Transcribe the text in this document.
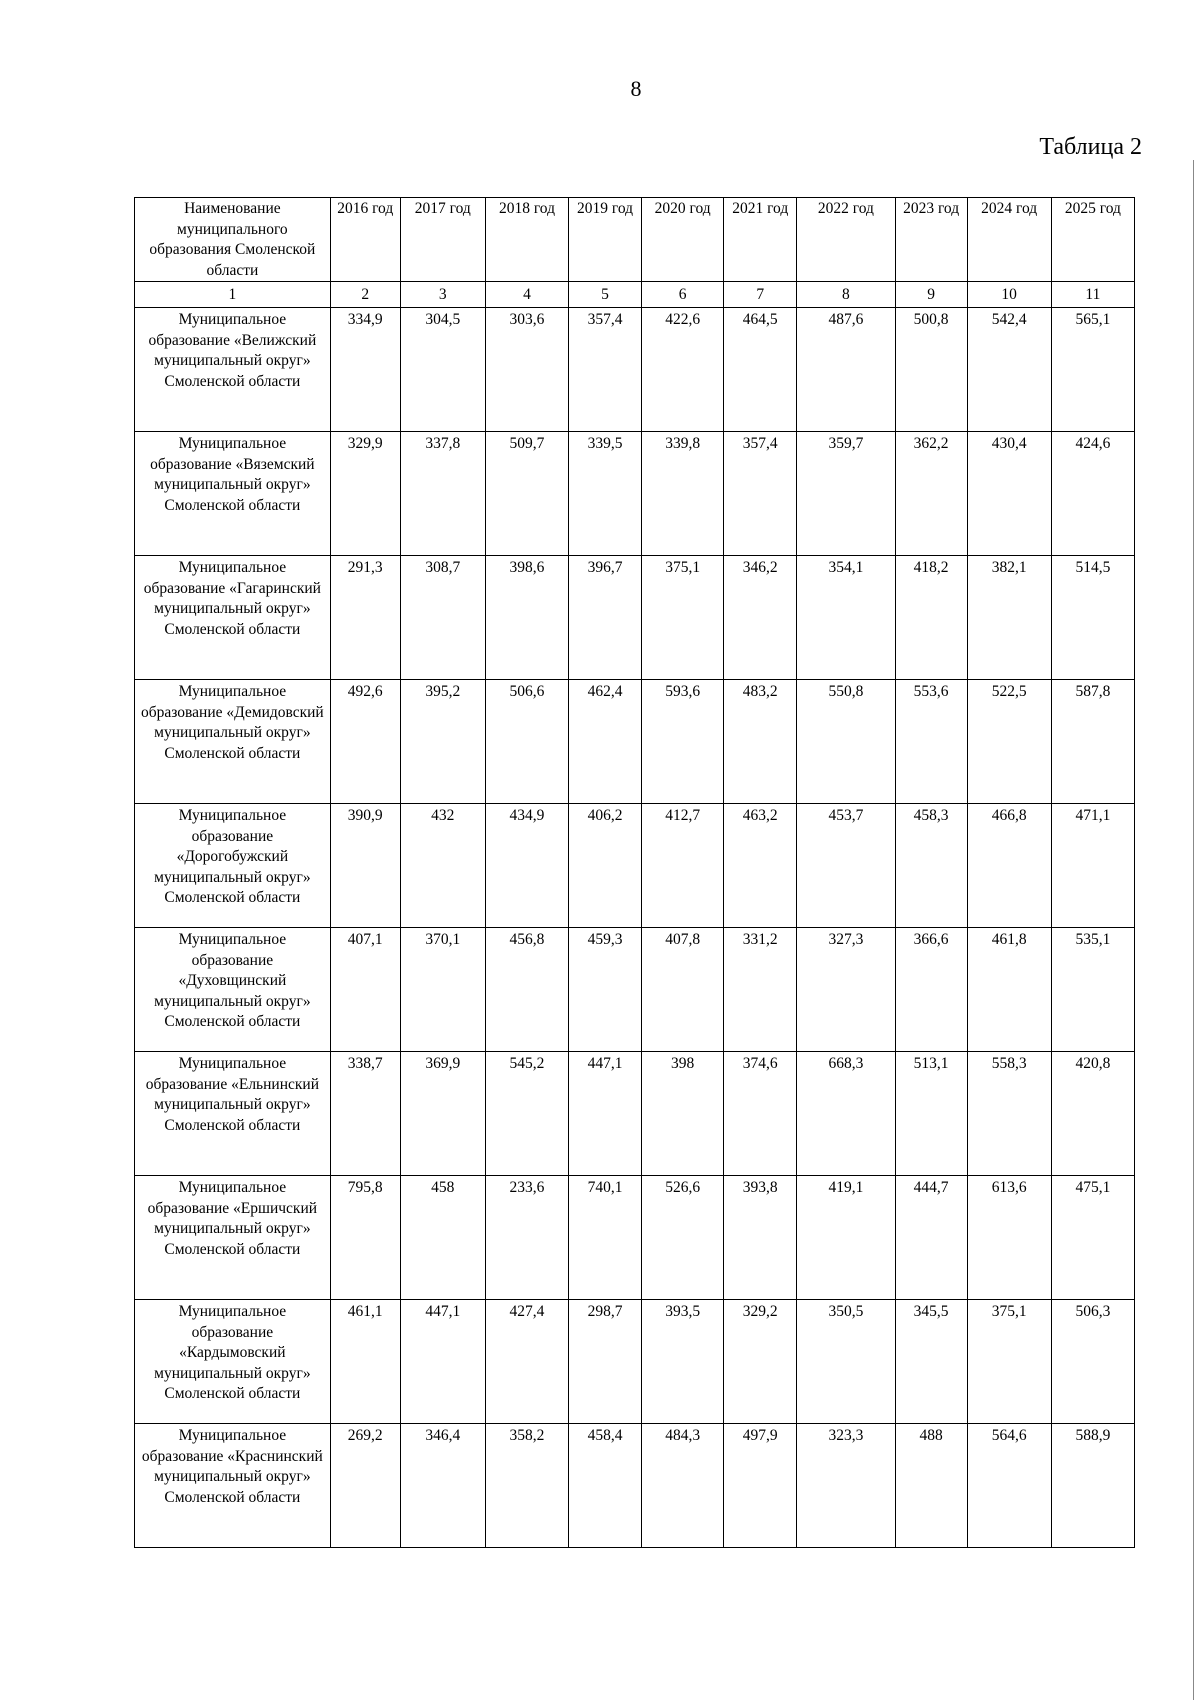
8
Таблица 2
Наименование муниципального образования Смоленской области	2016 год	2017 год	2018 год	2019 год	2020 год	2021 год	2022 год	2023 год	2024 год	2025 год
1	2	3	4	5	6	7	8	9	10	11
Муниципальное образование «Велижский муниципальный округ» Смоленской области	334,9	304,5	303,6	357,4	422,6	464,5	487,6	500,8	542,4	565,1
Муниципальное образование «Вяземский муниципальный округ» Смоленской области	329,9	337,8	509,7	339,5	339,8	357,4	359,7	362,2	430,4	424,6
Муниципальное образование «Гагаринский муниципальный округ» Смоленской области	291,3	308,7	398,6	396,7	375,1	346,2	354,1	418,2	382,1	514,5
Муниципальное образование «Демидовский муниципальный округ» Смоленской области	492,6	395,2	506,6	462,4	593,6	483,2	550,8	553,6	522,5	587,8
Муниципальное образование «Дорогобужский муниципальный округ» Смоленской области	390,9	432	434,9	406,2	412,7	463,2	453,7	458,3	466,8	471,1
Муниципальное образование «Духовщинский муниципальный округ» Смоленской области	407,1	370,1	456,8	459,3	407,8	331,2	327,3	366,6	461,8	535,1
Муниципальное образование «Ельнинский муниципальный округ» Смоленской области	338,7	369,9	545,2	447,1	398	374,6	668,3	513,1	558,3	420,8
Муниципальное образование «Ершичский муниципальный округ» Смоленской области	795,8	458	233,6	740,1	526,6	393,8	419,1	444,7	613,6	475,1
Муниципальное образование «Кардымовский муниципальный округ» Смоленской области	461,1	447,1	427,4	298,7	393,5	329,2	350,5	345,5	375,1	506,3
Муниципальное образование «Краснинский муниципальный округ» Смоленской области	269,2	346,4	358,2	458,4	484,3	497,9	323,3	488	564,6	588,9
